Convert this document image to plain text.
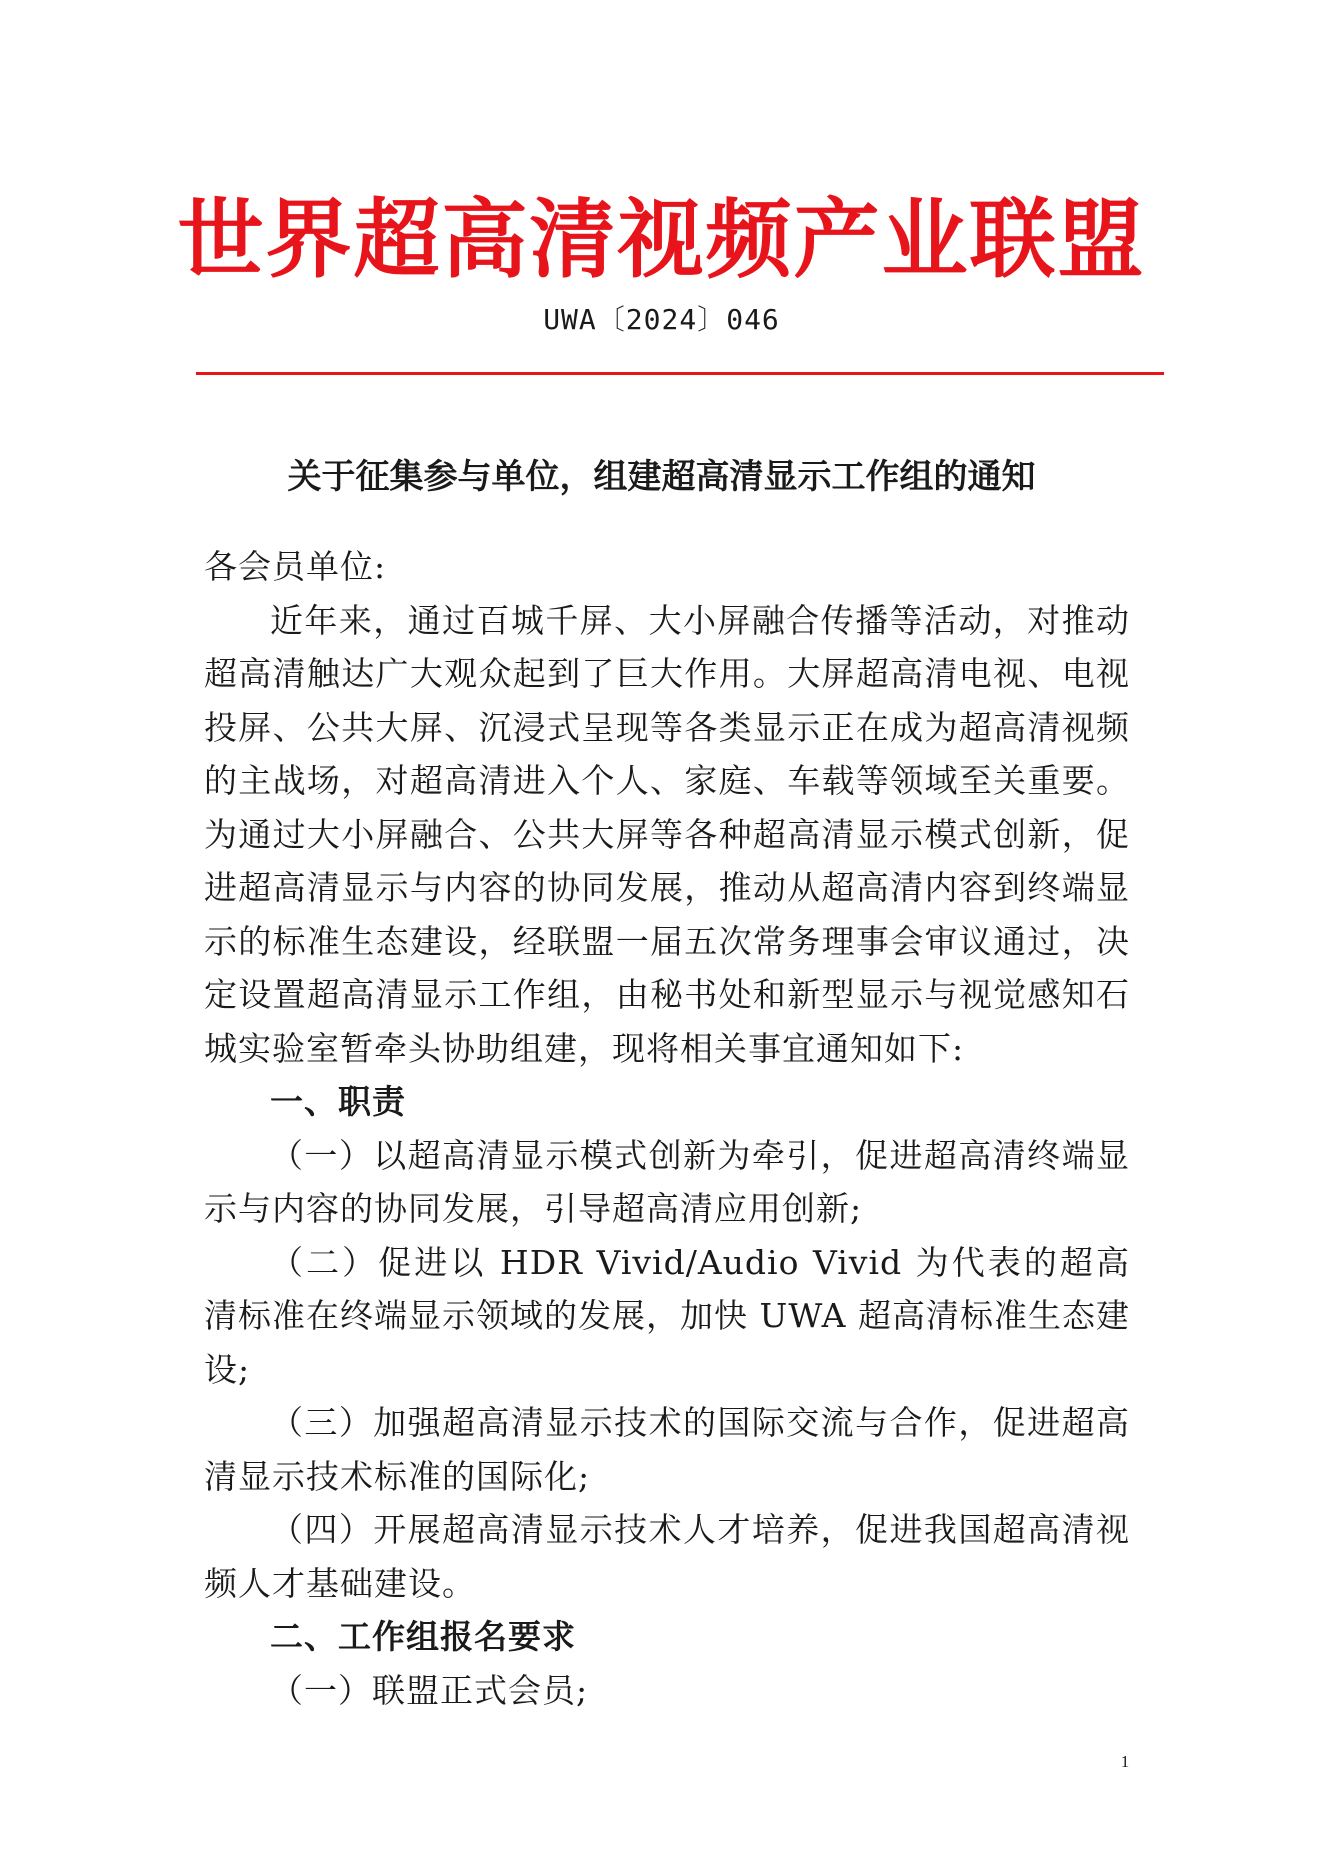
世界超高清视频产业联盟
UWA〔2024〕046
关于征集参与单位，组建超高清显示工作组的通知

各会员单位:

近年来，通过百城千屏、大小屏融合传播等活动，对推动超高清触达广大观众起到了巨大作用。大屏超高清电视、电视投屏、公共大屏、沉浸式呈现等各类显示正在成为超高清视频的主战场，对超高清进入个人、家庭、车载等领域至关重要。为通过大小屏融合、公共大屏等各种超高清显示模式创新，促进超高清显示与内容的协同发展，推动从超高清内容到终端显示的标准生态建设，经联盟一届五次常务理事会审议通过，决定设置超高清显示工作组，由秘书处和新型显示与视觉感知石城实验室暂牵头协助组建，现将相关事宜通知如下:

一、职责

（一）以超高清显示模式创新为牵引，促进超高清终端显示与内容的协同发展，引导超高清应用创新;

（二）促进以 HDR Vivid/Audio Vivid 为代表的超高清标准在终端显示领域的发展，加快 UWA 超高清标准生态建设;

（三）加强超高清显示技术的国际交流与合作，促进超高清显示技术标准的国际化;

（四）开展超高清显示技术人才培养，促进我国超高清视频人才基础建设。

二、工作组报名要求

（一）联盟正式会员;

1
